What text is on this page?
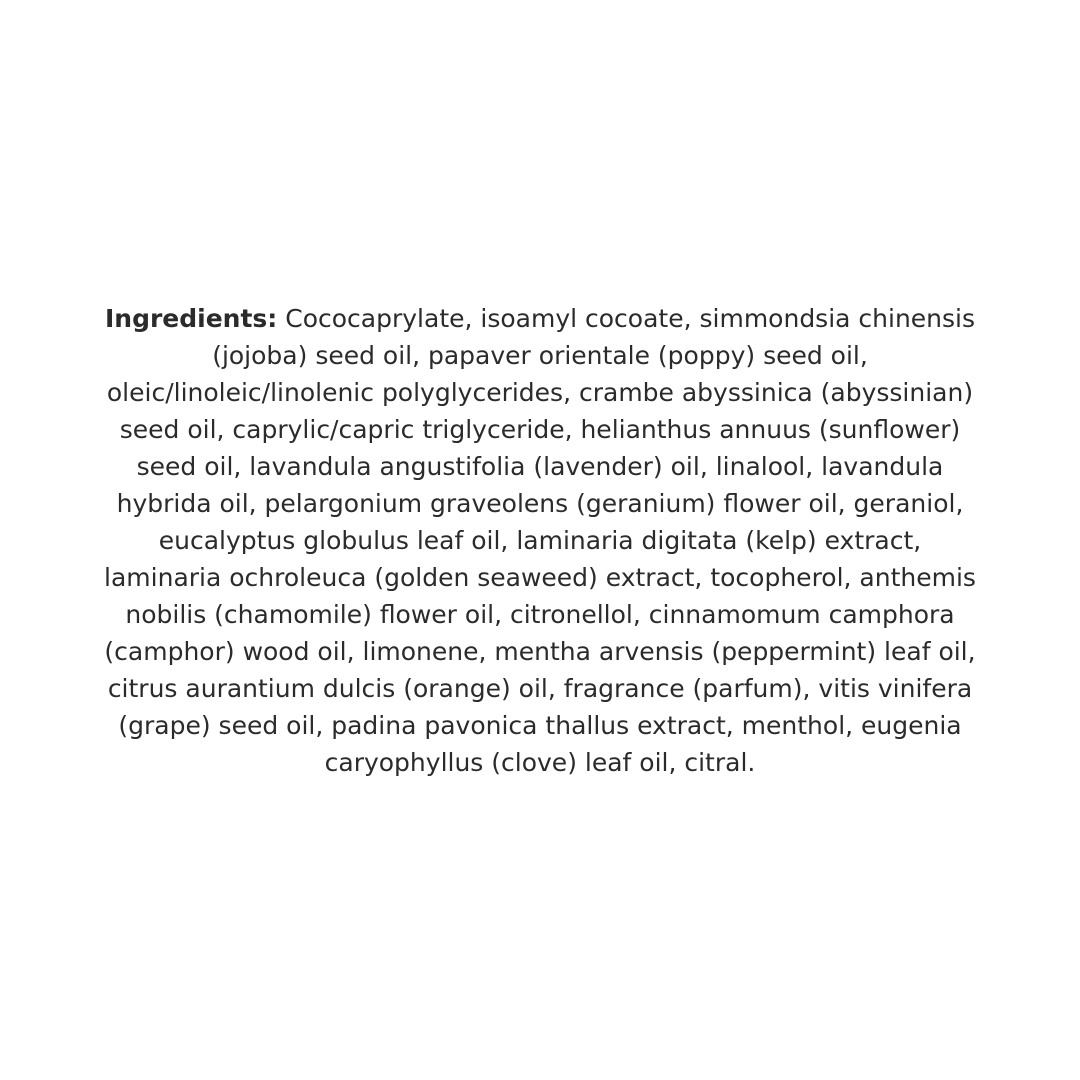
Ingredients: Cococaprylate, isoamyl cocoate, simmondsia chinensis (jojoba) seed oil, papaver orientale (poppy) seed oil, oleic/linoleic/linolenic polyglycerides, crambe abyssinica (abyssinian) seed oil, caprylic/capric triglyceride, helianthus annuus (sunflower) seed oil, lavandula angustifolia (lavender) oil, linalool, lavandula hybrida oil, pelargonium graveolens (geranium) flower oil, geraniol, eucalyptus globulus leaf oil, laminaria digitata (kelp) extract, laminaria ochroleuca (golden seaweed) extract, tocopherol, anthemis nobilis (chamomile) flower oil, citronellol, cinnamomum camphora (camphor) wood oil, limonene, mentha arvensis (peppermint) leaf oil, citrus aurantium dulcis (orange) oil, fragrance (parfum), vitis vinifera (grape) seed oil, padina pavonica thallus extract, menthol, eugenia caryophyllus (clove) leaf oil, citral.
